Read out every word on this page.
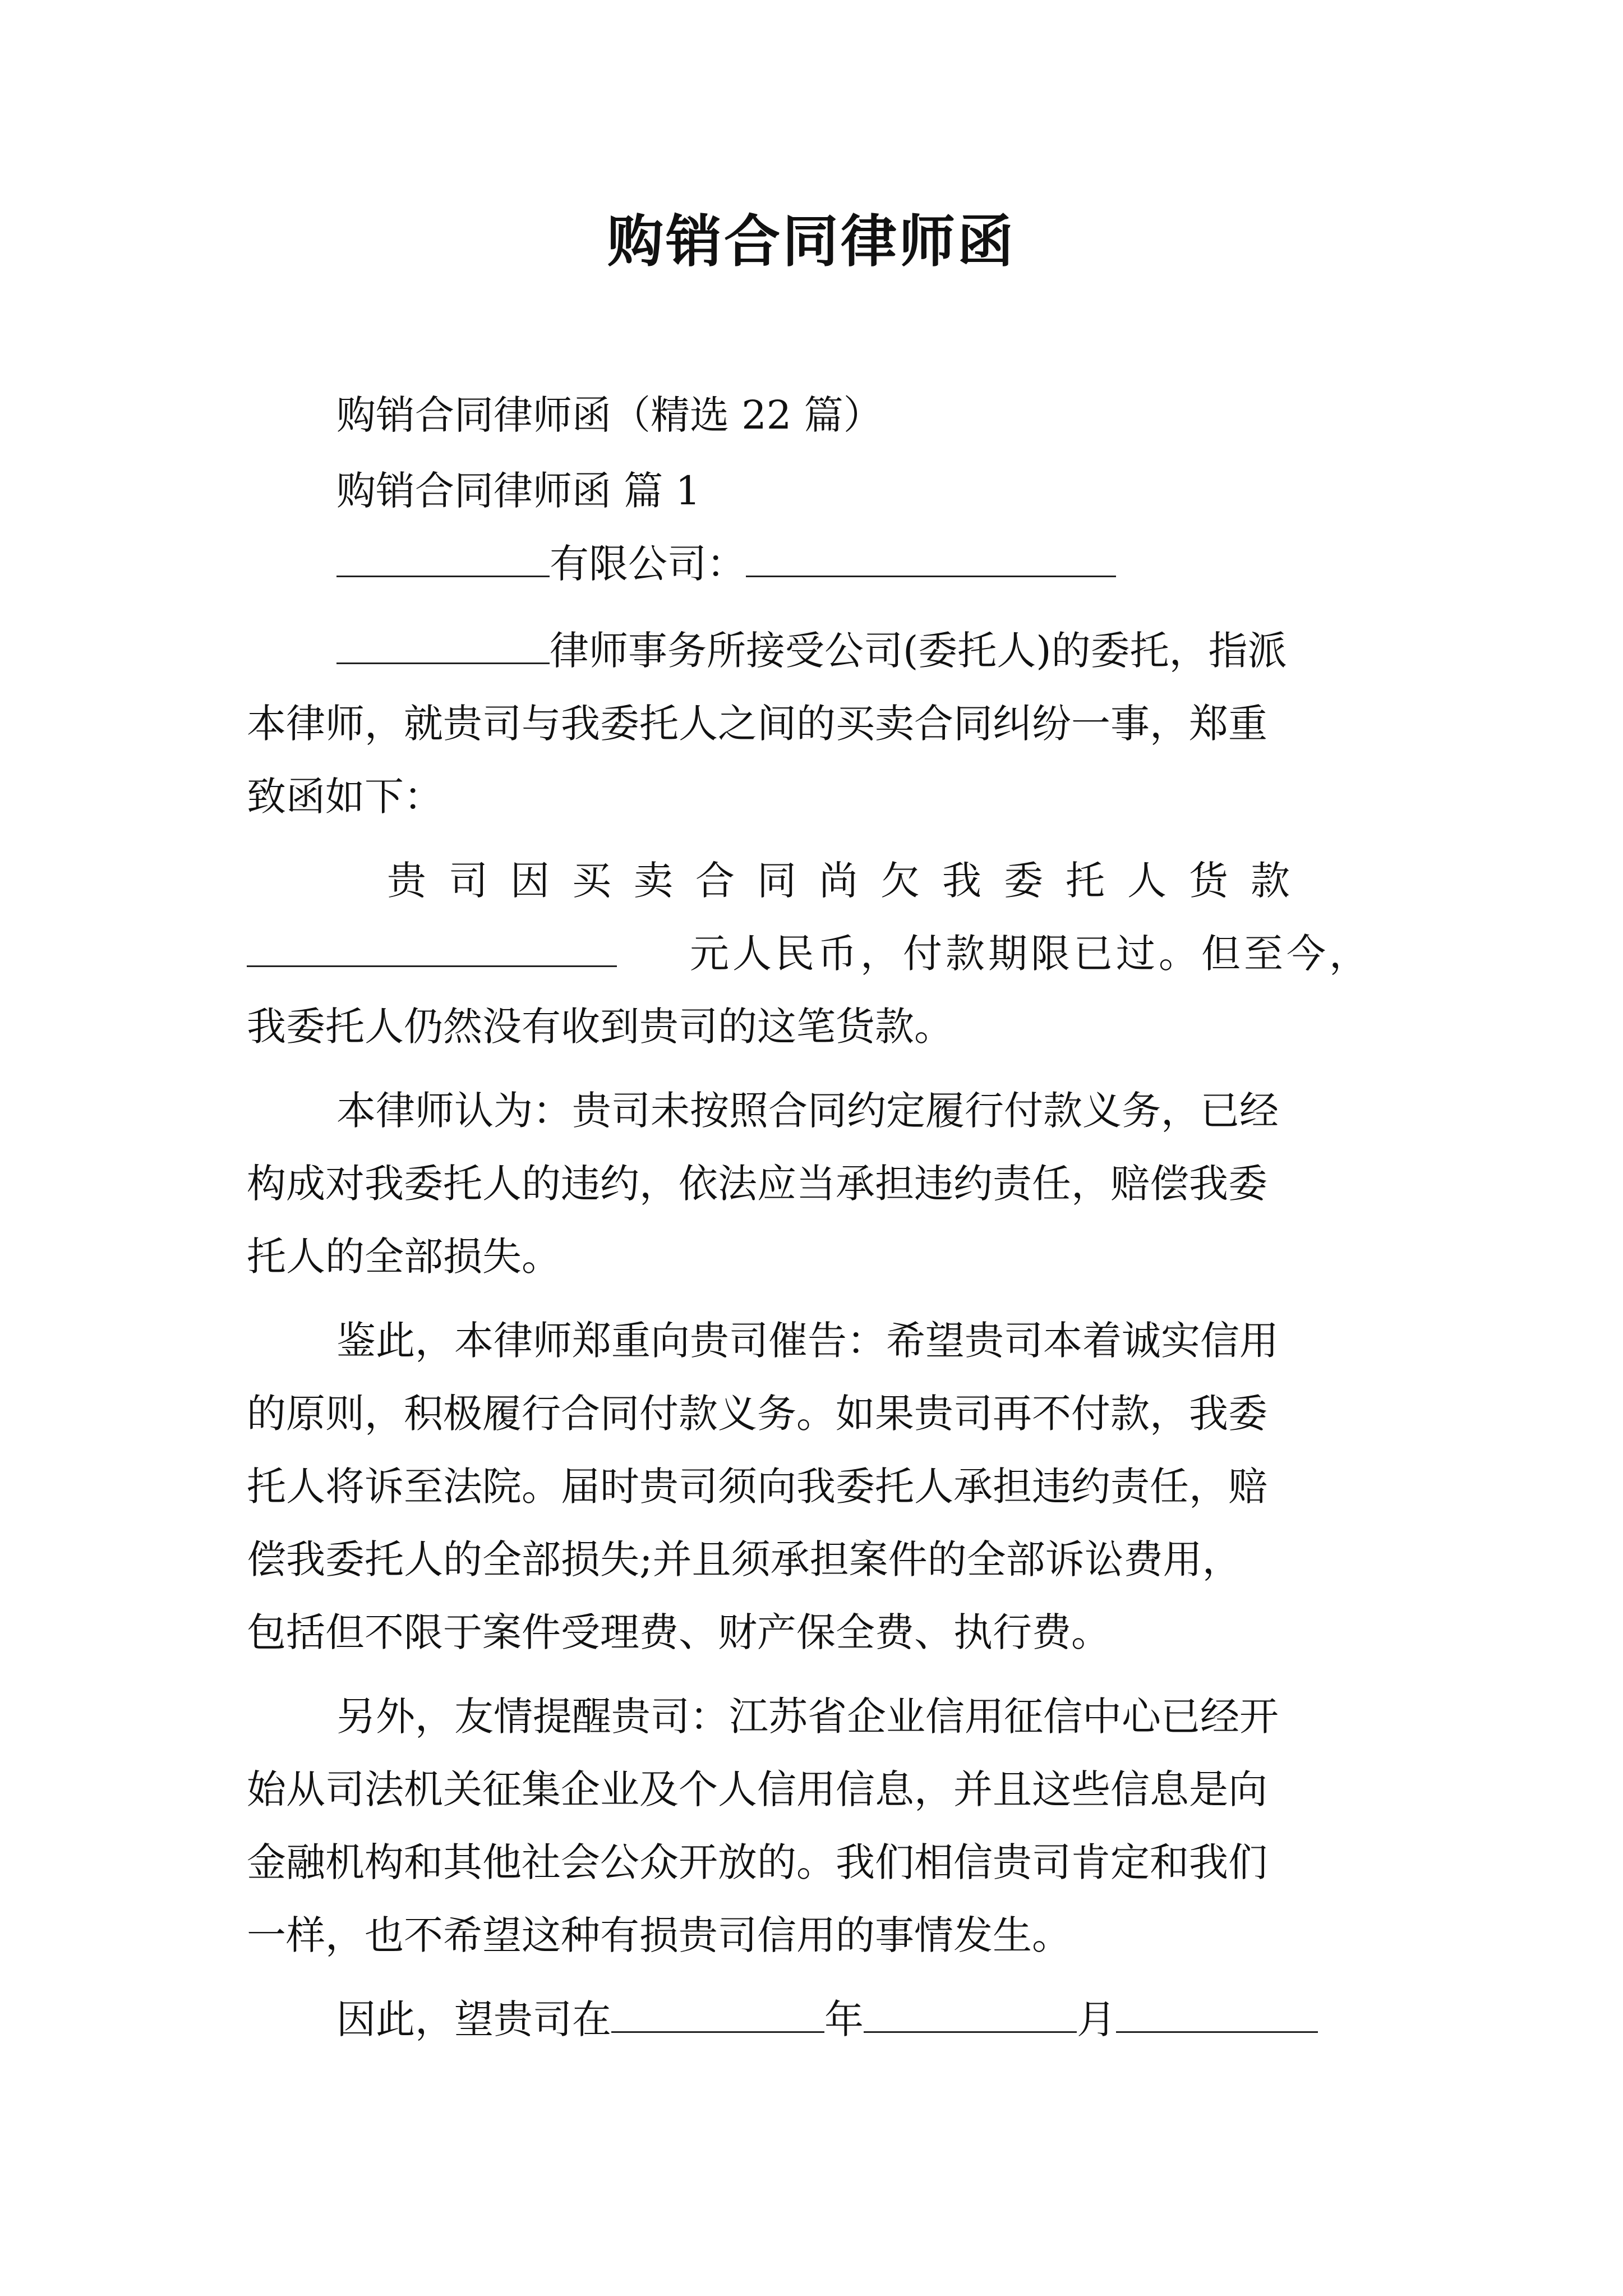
购销合同律师函
购销合同律师函（精选 22 篇）
购销合同律师函 篇 1
有限公司：
律师事务所接受公司(委托人)的委托，指派
本律师，就贵司与我委托人之间的买卖合同纠纷一事，郑重
致函如下：
贵司因买卖合同尚欠我委托人货款
元人民币，付款期限已过。但至今，
我委托人仍然没有收到贵司的这笔货款。
本律师认为：贵司未按照合同约定履行付款义务，已经
构成对我委托人的违约，依法应当承担违约责任，赔偿我委
托人的全部损失。
鉴此，本律师郑重向贵司催告：希望贵司本着诚实信用
的原则，积极履行合同付款义务。如果贵司再不付款，我委
托人将诉至法院。届时贵司须向我委托人承担违约责任，赔
偿我委托人的全部损失;并且须承担案件的全部诉讼费用，
包括但不限于案件受理费、财产保全费、执行费。
另外，友情提醒贵司：江苏省企业信用征信中心已经开
始从司法机关征集企业及个人信用信息，并且这些信息是向
金融机构和其他社会公众开放的。我们相信贵司肯定和我们
一样，也不希望这种有损贵司信用的事情发生。
因此，望贵司在	年	月
